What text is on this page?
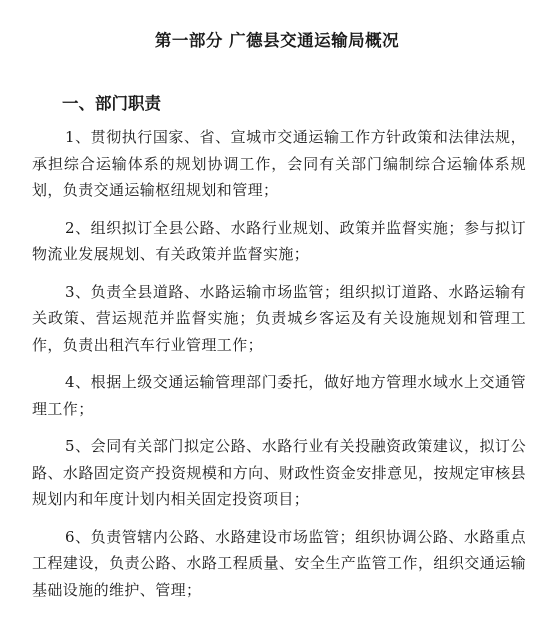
第一部分 广德县交通运输局概况
一、部门职责

1、贯彻执行国家、省、宣城市交通运输工作方针政策和法律法规，承担综合运输体系的规划协调工作，会同有关部门编制综合运输体系规划，负责交通运输枢纽规划和管理；

2、组织拟订全县公路、水路行业规划、政策并监督实施；参与拟订物流业发展规划、有关政策并监督实施；

3、负责全县道路、水路运输市场监管；组织拟订道路、水路运输有关政策、营运规范并监督实施；负责城乡客运及有关设施规划和管理工作，负责出租汽车行业管理工作；

4、根据上级交通运输管理部门委托，做好地方管理水域水上交通管理工作；

5、会同有关部门拟定公路、水路行业有关投融资政策建议，拟订公路、水路固定资产投资规模和方向、财政性资金安排意见，按规定审核县规划内和年度计划内相关固定投资项目；

6、负责管辖内公路、水路建设市场监管；组织协调公路、水路重点工程建设，负责公路、水路工程质量、安全生产监管工作，组织交通运输基础设施的维护、管理；
